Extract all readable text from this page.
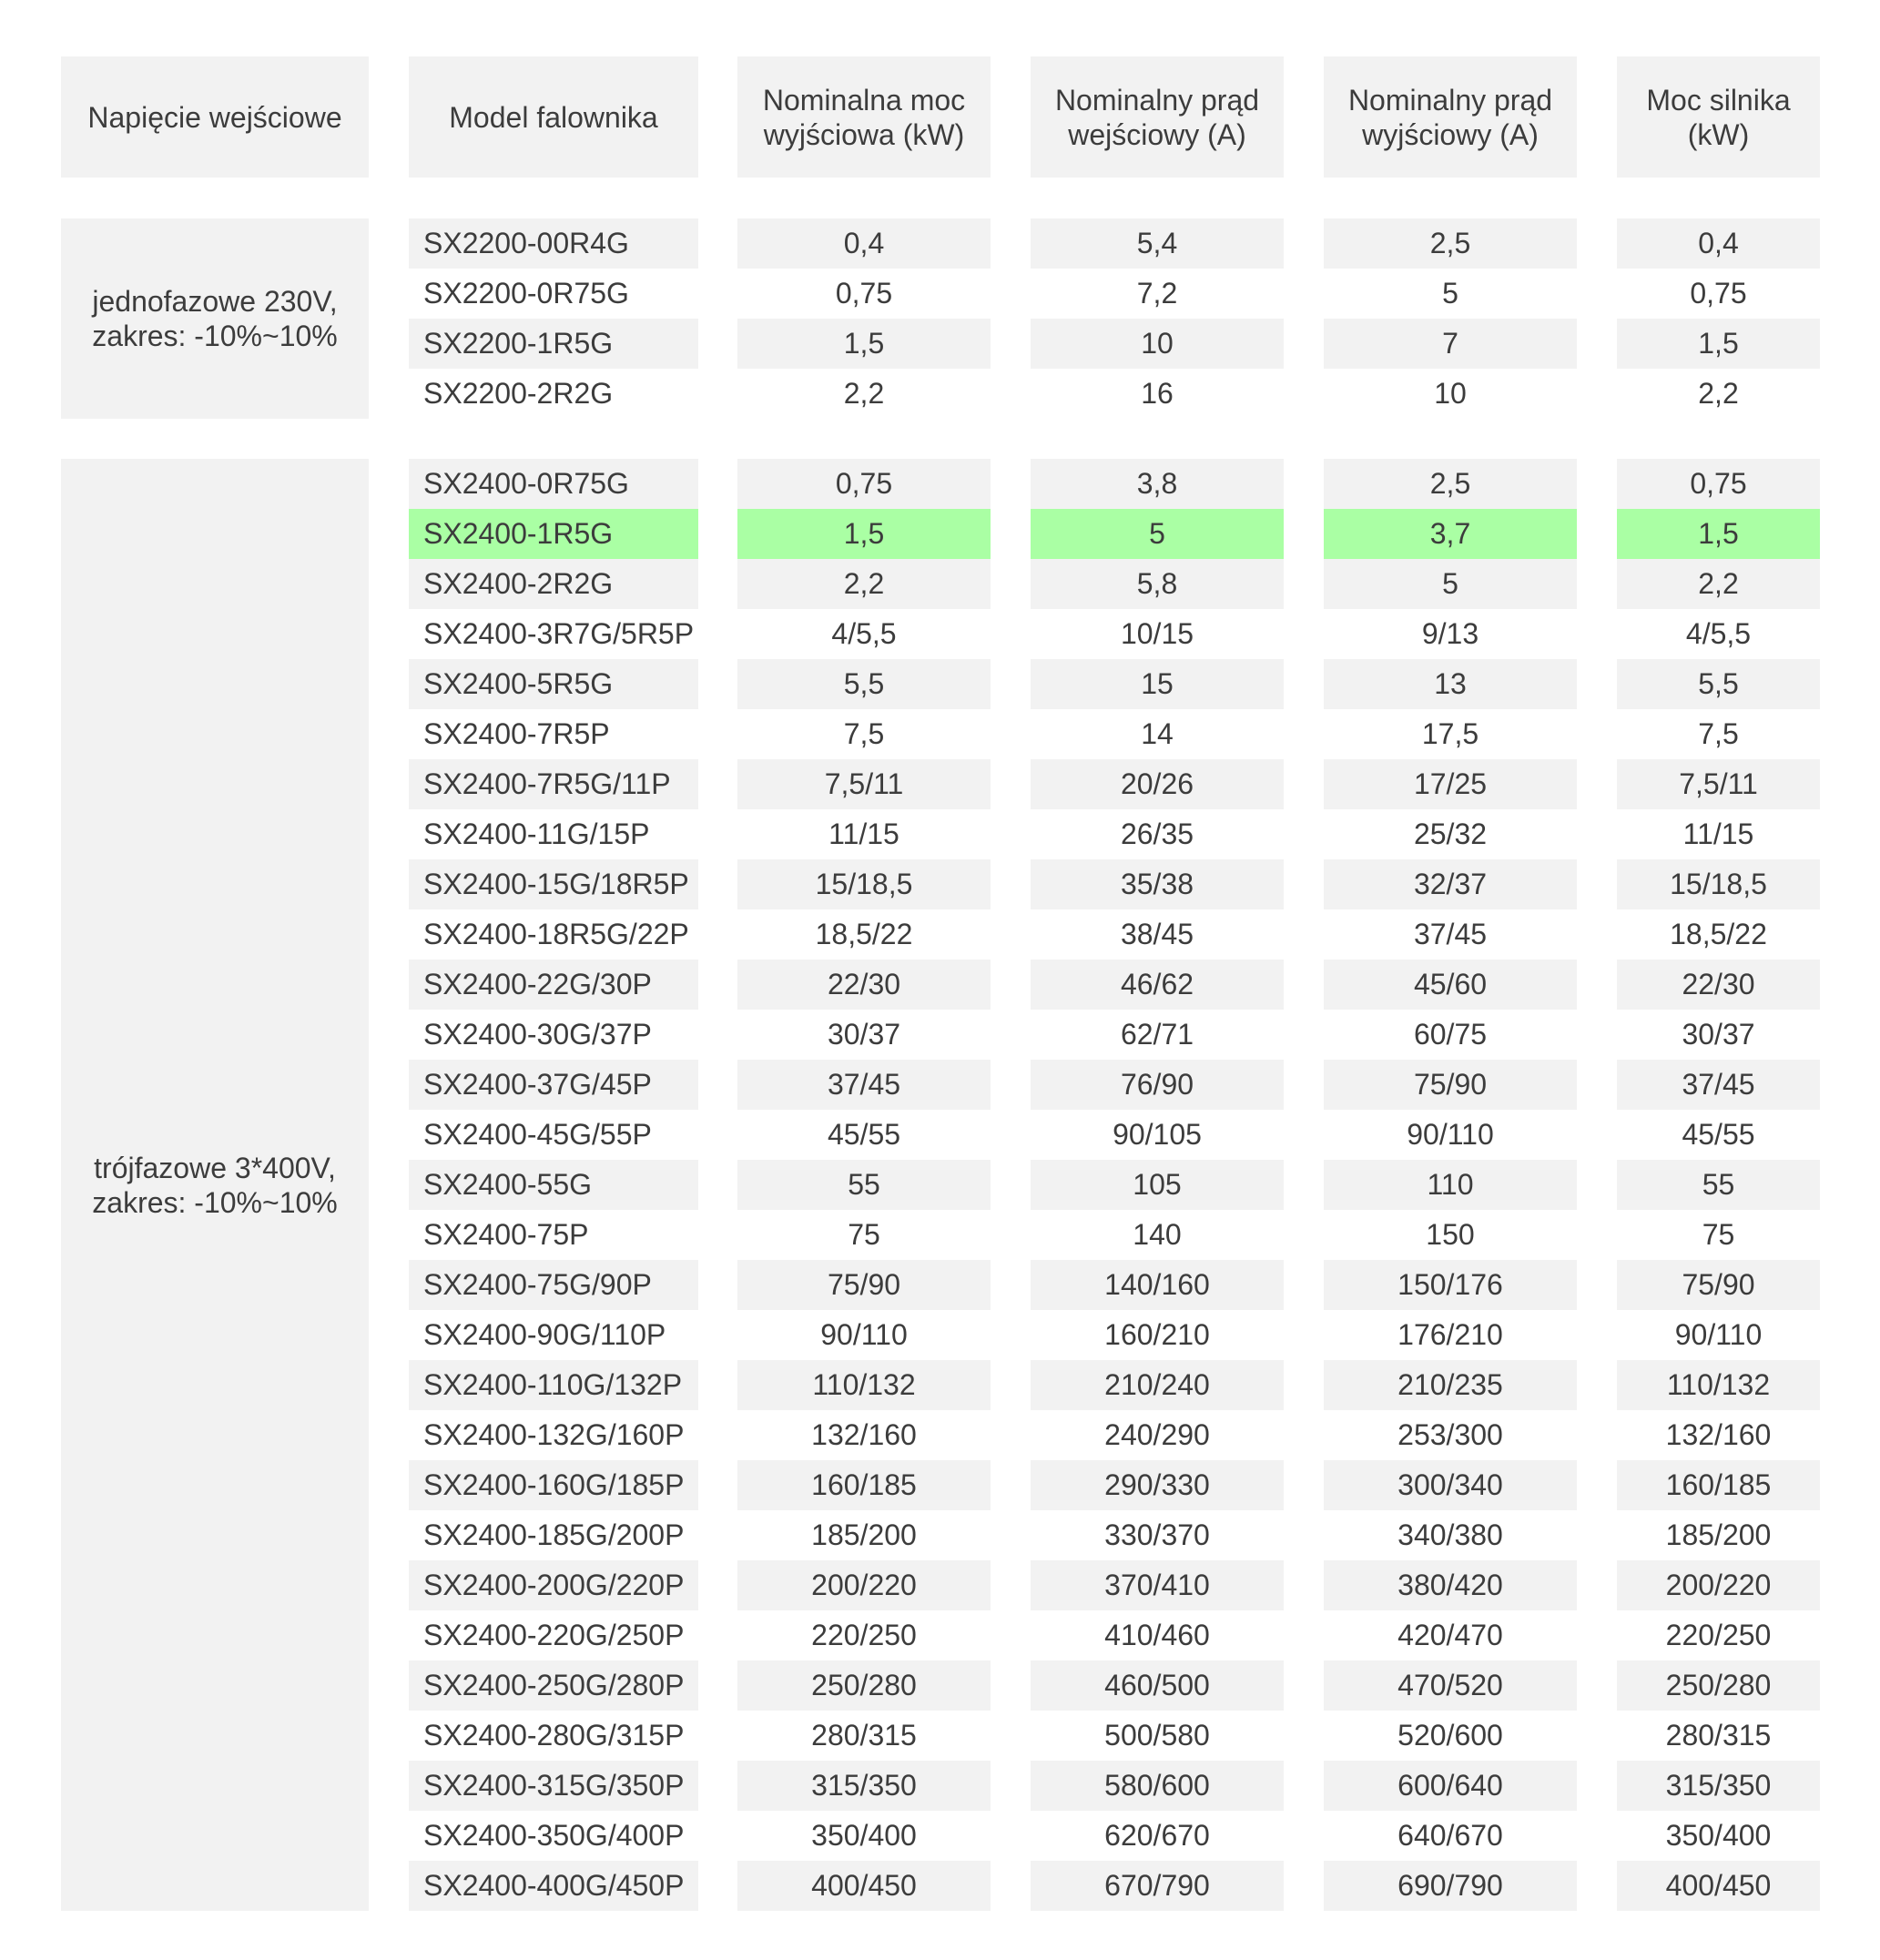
Napięcie wejściowe
jednofazowe 230V,
zakres: -10%~10%
trójfazowe 3*400V,
zakres: -10%~10%
Model falownika
SX2200-00R4G
SX2200-0R75G
SX2200-1R5G
SX2200-2R2G
SX2400-0R75G
SX2400-1R5G
SX2400-2R2G
SX2400-3R7G/5R5P
SX2400-5R5G
SX2400-7R5P
SX2400-7R5G/11P
SX2400-11G/15P
SX2400-15G/18R5P
SX2400-18R5G/22P
SX2400-22G/30P
SX2400-30G/37P
SX2400-37G/45P
SX2400-45G/55P
SX2400-55G
SX2400-75P
SX2400-75G/90P
SX2400-90G/110P
SX2400-110G/132P
SX2400-132G/160P
SX2400-160G/185P
SX2400-185G/200P
SX2400-200G/220P
SX2400-220G/250P
SX2400-250G/280P
SX2400-280G/315P
SX2400-315G/350P
SX2400-350G/400P
SX2400-400G/450P
Nominalna moc
wyjściowa (kW)
0,4
0,75
1,5
2,2
0,75
1,5
2,2
4/5,5
5,5
7,5
7,5/11
11/15
15/18,5
18,5/22
22/30
30/37
37/45
45/55
55
75
75/90
90/110
110/132
132/160
160/185
185/200
200/220
220/250
250/280
280/315
315/350
350/400
400/450
Nominalny prąd
wejściowy (A)
5,4
7,2
10
16
3,8
5
5,8
10/15
15
14
20/26
26/35
35/38
38/45
46/62
62/71
76/90
90/105
105
140
140/160
160/210
210/240
240/290
290/330
330/370
370/410
410/460
460/500
500/580
580/600
620/670
670/790
Nominalny prąd
wyjściowy (A)
2,5
5
7
10
2,5
3,7
5
9/13
13
17,5
17/25
25/32
32/37
37/45
45/60
60/75
75/90
90/110
110
150
150/176
176/210
210/235
253/300
300/340
340/380
380/420
420/470
470/520
520/600
600/640
640/670
690/790
Moc silnika
(kW)
0,4
0,75
1,5
2,2
0,75
1,5
2,2
4/5,5
5,5
7,5
7,5/11
11/15
15/18,5
18,5/22
22/30
30/37
37/45
45/55
55
75
75/90
90/110
110/132
132/160
160/185
185/200
200/220
220/250
250/280
280/315
315/350
350/400
400/450
